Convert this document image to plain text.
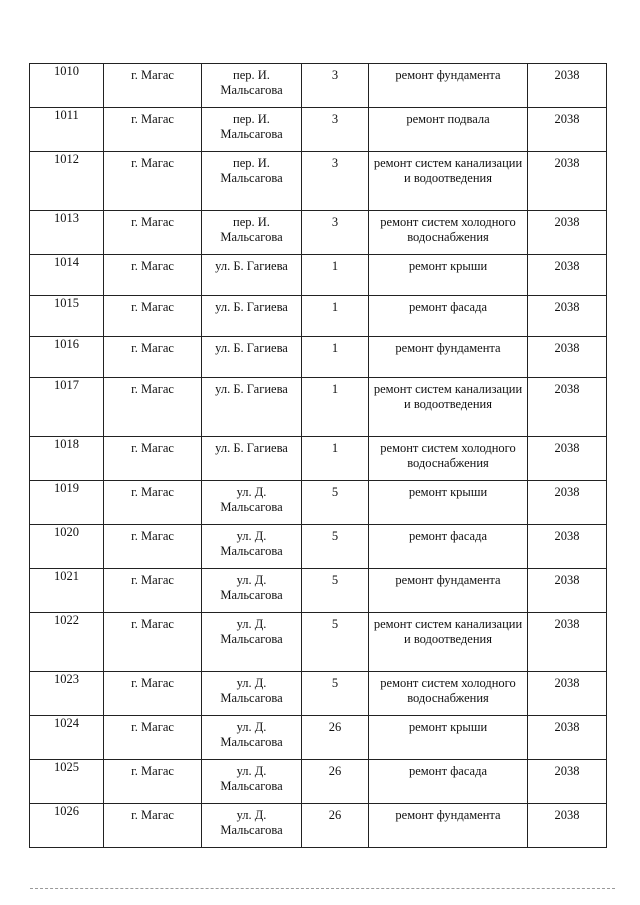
1010	г. Магас	пер. И. Мальсагова	3	ремонт фундамента	2038

1011	г. Магас	пер. И. Мальсагова	3	ремонт подвала	2038

1012	г. Магас	пер. И. Мальсагова	3	ремонт систем канализации и водоотведения	2038

1013	г. Магас	пер. И. Мальсагова	3	ремонт систем холодного водоснабжения	2038

1014	г. Магас	ул. Б. Гагиева	1	ремонт крыши	2038

1015	г. Магас	ул. Б. Гагиева	1	ремонт фасада	2038

1016	г. Магас	ул. Б. Гагиева	1	ремонт фундамента	2038

1017	г. Магас	ул. Б. Гагиева	1	ремонт систем канализации и водоотведения	2038

1018	г. Магас	ул. Б. Гагиева	1	ремонт систем холодного водоснабжения	2038

1019	г. Магас	ул. Д. Мальсагова	5	ремонт крыши	2038

1020	г. Магас	ул. Д. Мальсагова	5	ремонт фасада	2038

1021	г. Магас	ул. Д. Мальсагова	5	ремонт фундамента	2038

1022	г. Магас	ул. Д. Мальсагова	5	ремонт систем канализации и водоотведения	2038

1023	г. Магас	ул. Д. Мальсагова	5	ремонт систем холодного водоснабжения	2038

1024	г. Магас	ул. Д. Мальсагова	26	ремонт крыши	2038

1025	г. Магас	ул. Д. Мальсагова	26	ремонт фасада	2038

1026	г. Магас	ул. Д. Мальсагова	26	ремонт фундамента	2038
